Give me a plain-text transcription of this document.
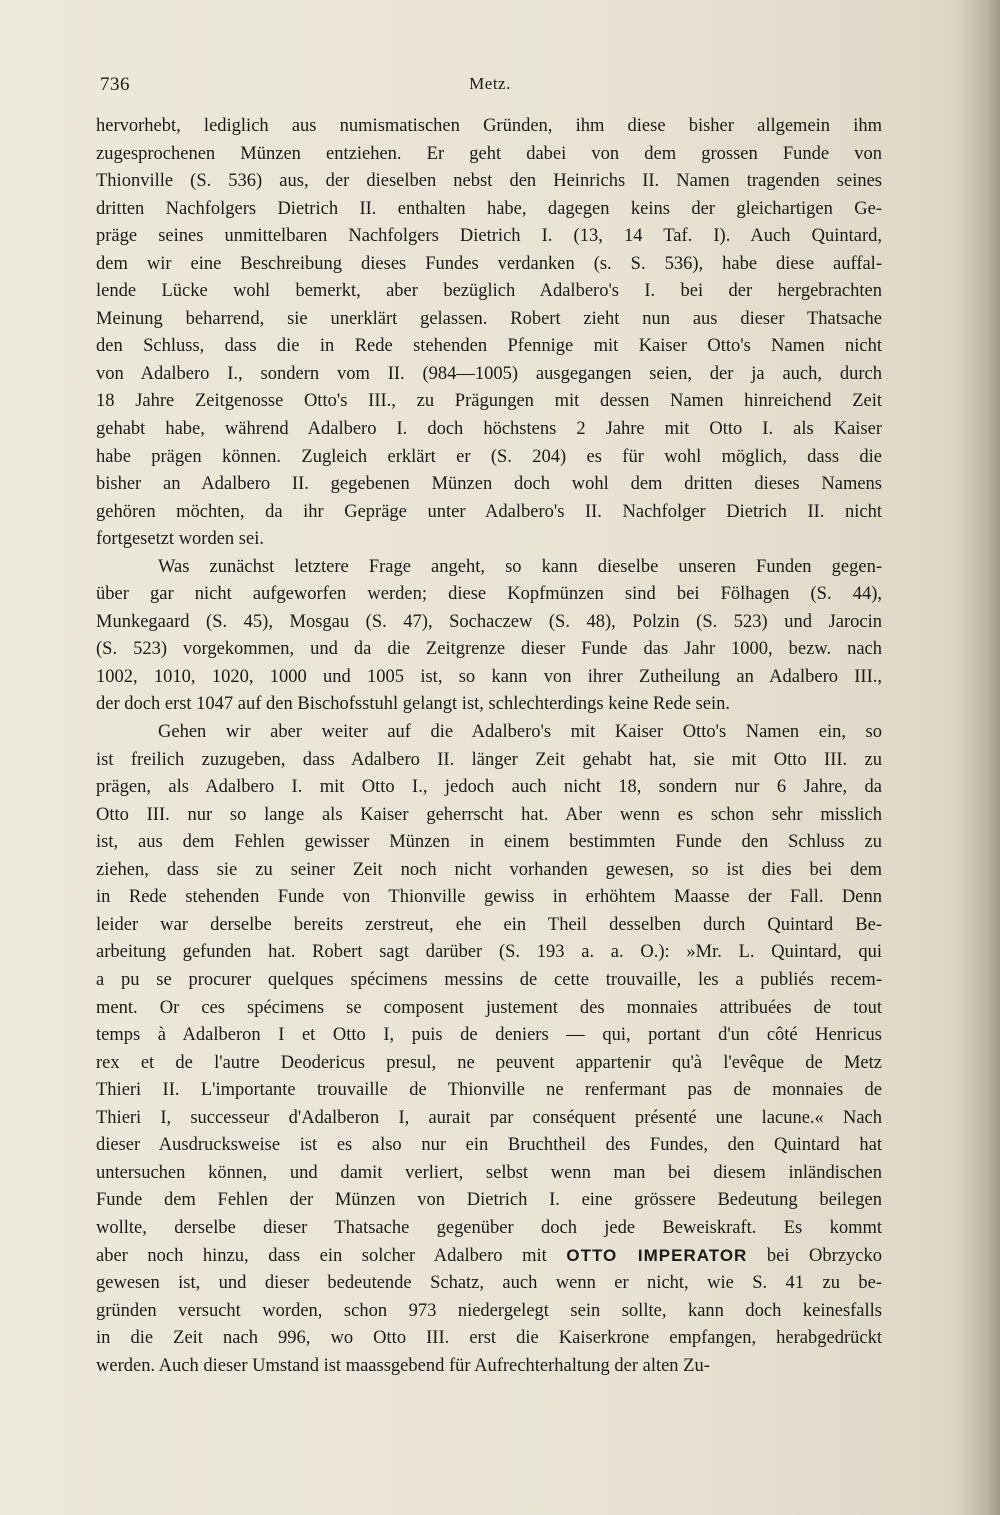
736	Metz.
hervorhebt, lediglich aus numismatischen Gründen, ihm diese bisher allgemein ihm
zugesprochenen Münzen entziehen. Er geht dabei von dem grossen Funde von
Thionville (S. 536) aus, der dieselben nebst den Heinrichs II. Namen tragenden seines
dritten Nachfolgers Dietrich II. enthalten habe, dagegen keins der gleichartigen Ge-
präge seines unmittelbaren Nachfolgers Dietrich I. (13, 14 Taf. I). Auch Quintard,
dem wir eine Beschreibung dieses Fundes verdanken (s. S. 536), habe diese auffal-
lende Lücke wohl bemerkt, aber bezüglich Adalbero's I. bei der hergebrachten
Meinung beharrend, sie unerklärt gelassen. Robert zieht nun aus dieser Thatsache
den Schluss, dass die in Rede stehenden Pfennige mit Kaiser Otto's Namen nicht
von Adalbero I., sondern vom II. (984—1005) ausgegangen seien, der ja auch, durch
18 Jahre Zeitgenosse Otto's III., zu Prägungen mit dessen Namen hinreichend Zeit
gehabt habe, während Adalbero I. doch höchstens 2 Jahre mit Otto I. als Kaiser
habe prägen können. Zugleich erklärt er (S. 204) es für wohl möglich, dass die
bisher an Adalbero II. gegebenen Münzen doch wohl dem dritten dieses Namens
gehören möchten, da ihr Gepräge unter Adalbero's II. Nachfolger Dietrich II. nicht
fortgesetzt worden sei.
Was zunächst letztere Frage angeht, so kann dieselbe unseren Funden gegen-
über gar nicht aufgeworfen werden; diese Kopfmünzen sind bei Fölhagen (S. 44),
Munkegaard (S. 45), Mosgau (S. 47), Sochaczew (S. 48), Polzin (S. 523) und Jarocin
(S. 523) vorgekommen, und da die Zeitgrenze dieser Funde das Jahr 1000, bezw. nach
1002, 1010, 1020, 1000 und 1005 ist, so kann von ihrer Zutheilung an Adalbero III.,
der doch erst 1047 auf den Bischofsstuhl gelangt ist, schlechterdings keine Rede sein.
Gehen wir aber weiter auf die Adalbero's mit Kaiser Otto's Namen ein, so
ist freilich zuzugeben, dass Adalbero II. länger Zeit gehabt hat, sie mit Otto III. zu
prägen, als Adalbero I. mit Otto I., jedoch auch nicht 18, sondern nur 6 Jahre, da
Otto III. nur so lange als Kaiser geherrscht hat. Aber wenn es schon sehr misslich
ist, aus dem Fehlen gewisser Münzen in einem bestimmten Funde den Schluss zu
ziehen, dass sie zu seiner Zeit noch nicht vorhanden gewesen, so ist dies bei dem
in Rede stehenden Funde von Thionville gewiss in erhöhtem Maasse der Fall. Denn
leider war derselbe bereits zerstreut, ehe ein Theil desselben durch Quintard Be-
arbeitung gefunden hat. Robert sagt darüber (S. 193 a. a. O.): »Mr. L. Quintard, qui
a pu se procurer quelques spécimens messins de cette trouvaille, les a publiés recem-
ment. Or ces spécimens se composent justement des monnaies attribuées de tout
temps à Adalberon I et Otto I, puis de deniers — qui, portant d'un côté Henricus
rex et de l'autre Deodericus presul, ne peuvent appartenir qu'à l'evêque de Metz
Thieri II. L'importante trouvaille de Thionville ne renfermant pas de monnaies de
Thieri I, successeur d'Adalberon I, aurait par conséquent présenté une lacune.« Nach
dieser Ausdrucksweise ist es also nur ein Bruchtheil des Fundes, den Quintard hat
untersuchen können, und damit verliert, selbst wenn man bei diesem inländischen
Funde dem Fehlen der Münzen von Dietrich I. eine grössere Bedeutung beilegen
wollte, derselbe dieser Thatsache gegenüber doch jede Beweiskraft. Es kommt
aber noch hinzu, dass ein solcher Adalbero mit OTTO IMPERATOR bei Obrzycko
gewesen ist, und dieser bedeutende Schatz, auch wenn er nicht, wie S. 41 zu be-
gründen versucht worden, schon 973 niedergelegt sein sollte, kann doch keinesfalls
in die Zeit nach 996, wo Otto III. erst die Kaiserkrone empfangen, herabgedrückt
werden. Auch dieser Umstand ist maassgebend für Aufrechterhaltung der alten Zu-
